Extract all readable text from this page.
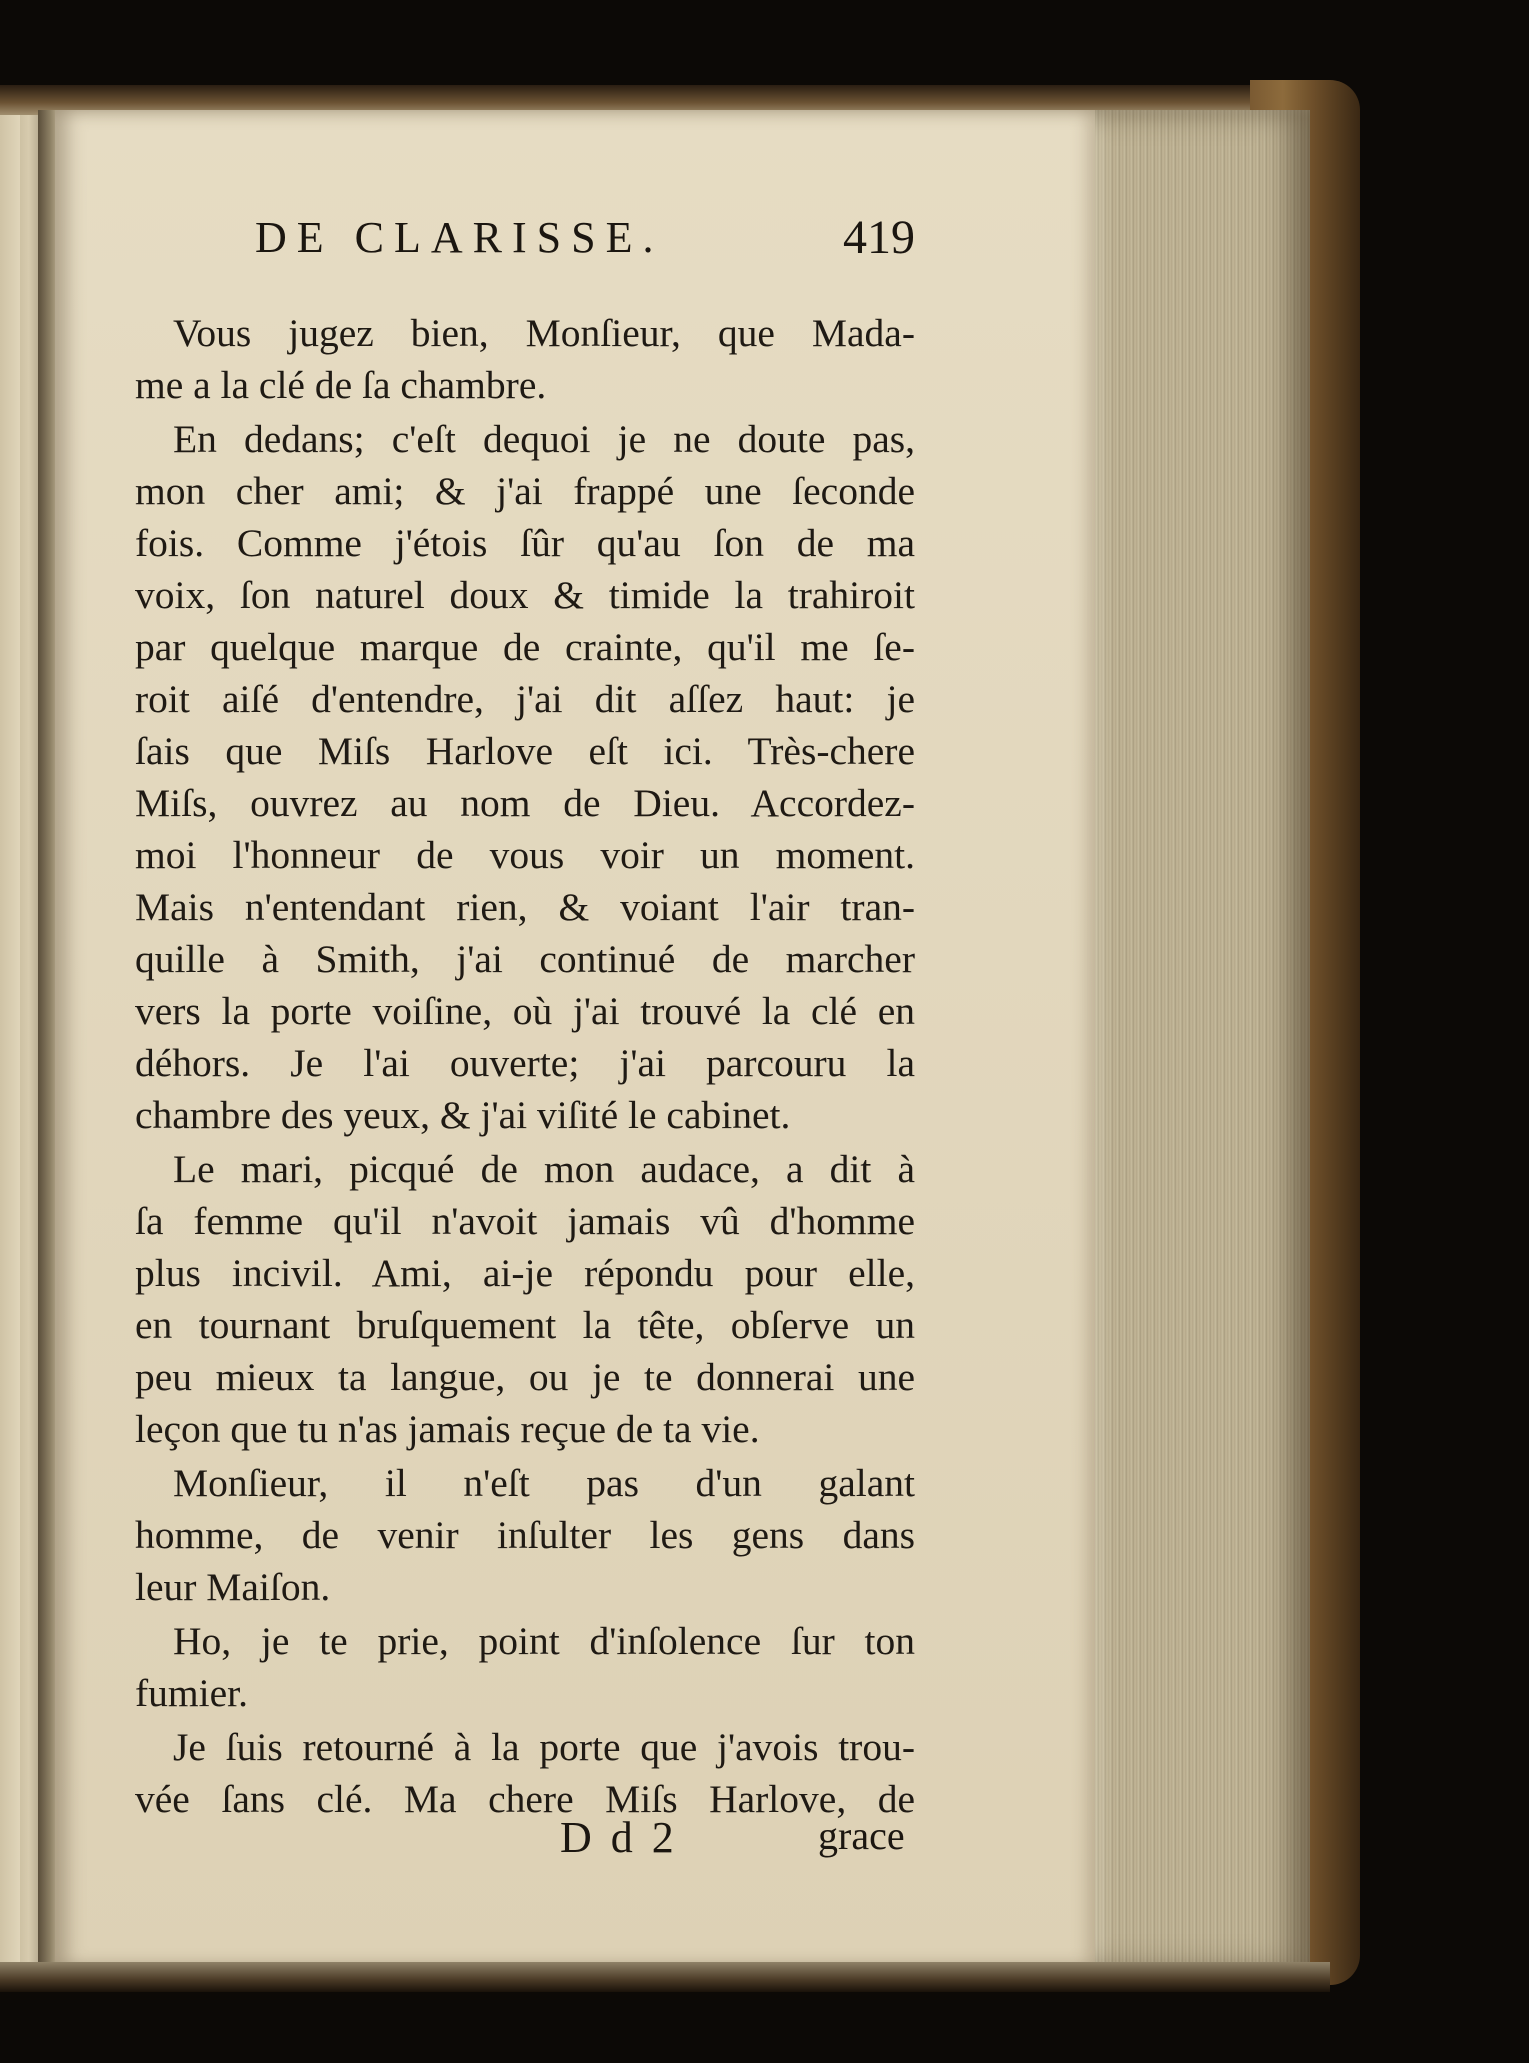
DE CLARISSE.	419
Vous jugez bien, Monſieur, que Mada-
me a la clé de ſa chambre.
En dedans; c'eſt dequoi je ne doute pas,
mon cher ami; & j'ai frappé une ſeconde
fois. Comme j'étois ſûr qu'au ſon de ma
voix, ſon naturel doux & timide la trahiroit
par quelque marque de crainte, qu'il me ſe-
roit aiſé d'entendre, j'ai dit aſſez haut: je
ſais que Miſs Harlove eſt ici. Très-chere
Miſs, ouvrez au nom de Dieu. Accordez-
moi l'honneur de vous voir un moment.
Mais n'entendant rien, & voiant l'air tran-
quille à Smith, j'ai continué de marcher
vers la porte voiſine, où j'ai trouvé la clé en
déhors. Je l'ai ouverte; j'ai parcouru la
chambre des yeux, & j'ai viſité le cabinet.
Le mari, picqué de mon audace, a dit à
ſa femme qu'il n'avoit jamais vû d'homme
plus incivil. Ami, ai-je répondu pour elle,
en tournant bruſquement la tête, obſerve un
peu mieux ta langue, ou je te donnerai une
leçon que tu n'as jamais reçue de ta vie.
Monſieur, il n'eſt pas d'un galant
homme, de venir inſulter les gens dans
leur Maiſon.
Ho, je te prie, point d'inſolence ſur ton
fumier.
Je ſuis retourné à la porte que j'avois trou-
vée ſans clé. Ma chere Miſs Harlove, de
D d 2	grace
